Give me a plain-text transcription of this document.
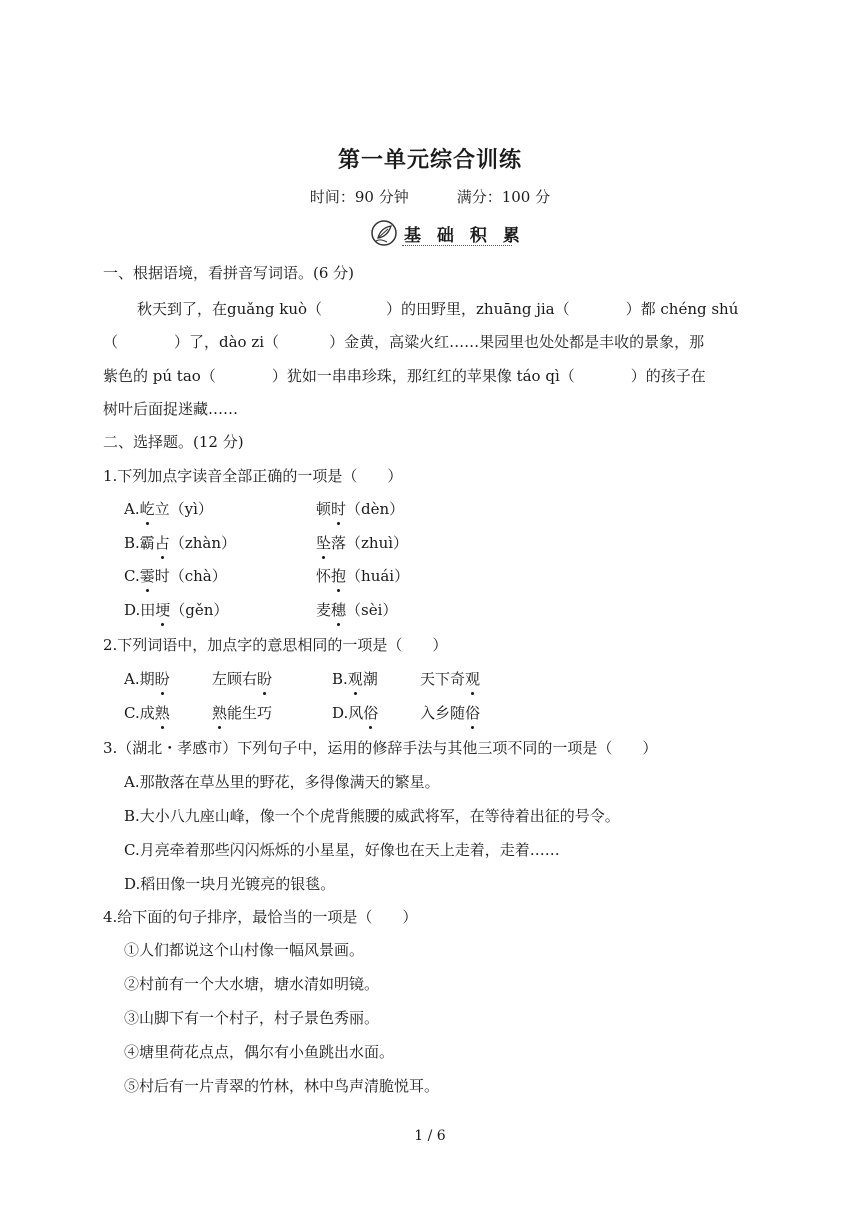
第一单元综合训练
时间：90 分钟	满分：100 分
基 础 积 累
一、根据语境，看拼音写词语。(6 分)
秋天到了，在guǎng kuò（	）的田野里，zhuāng jia（	）都 chéng shú
（	）了，dào zi（	）金黄，高粱火红……果园里也处处都是丰收的景象，那
紫色的 pú tao（	）犹如一串串珍珠，那红红的苹果像 táo qì（	）的孩子在
树叶后面捉迷藏……
二、选择题。(12 分)
1.下列加点字读音全部正确的一项是（　　）
A.屹立（yì）	顿时（dèn）
B.霸占（zhàn）	坠落（zhuì）
C.霎时（chà）	怀抱（huái）
D.田埂（gěn）	麦穗（sèi）
2.下列词语中，加点字的意思相同的一项是（　　）
A.期盼	左顾右盼	B.观潮	天下奇观
C.成熟	熟能生巧	D.风俗	入乡随俗
3.（湖北・孝感市）下列句子中，运用的修辞手法与其他三项不同的一项是（　　）
A.那散落在草丛里的野花，多得像满天的繁星。
B.大小八九座山峰，像一个个虎背熊腰的威武将军，在等待着出征的号令。
C.月亮牵着那些闪闪烁烁的小星星，好像也在天上走着，走着……
D.稻田像一块月光镀亮的银毯。
4.给下面的句子排序，最恰当的一项是（　　）
①人们都说这个山村像一幅风景画。
②村前有一个大水塘，塘水清如明镜。
③山脚下有一个村子，村子景色秀丽。
④塘里荷花点点，偶尔有小鱼跳出水面。
⑤村后有一片青翠的竹林，林中鸟声清脆悦耳。
1 / 6
